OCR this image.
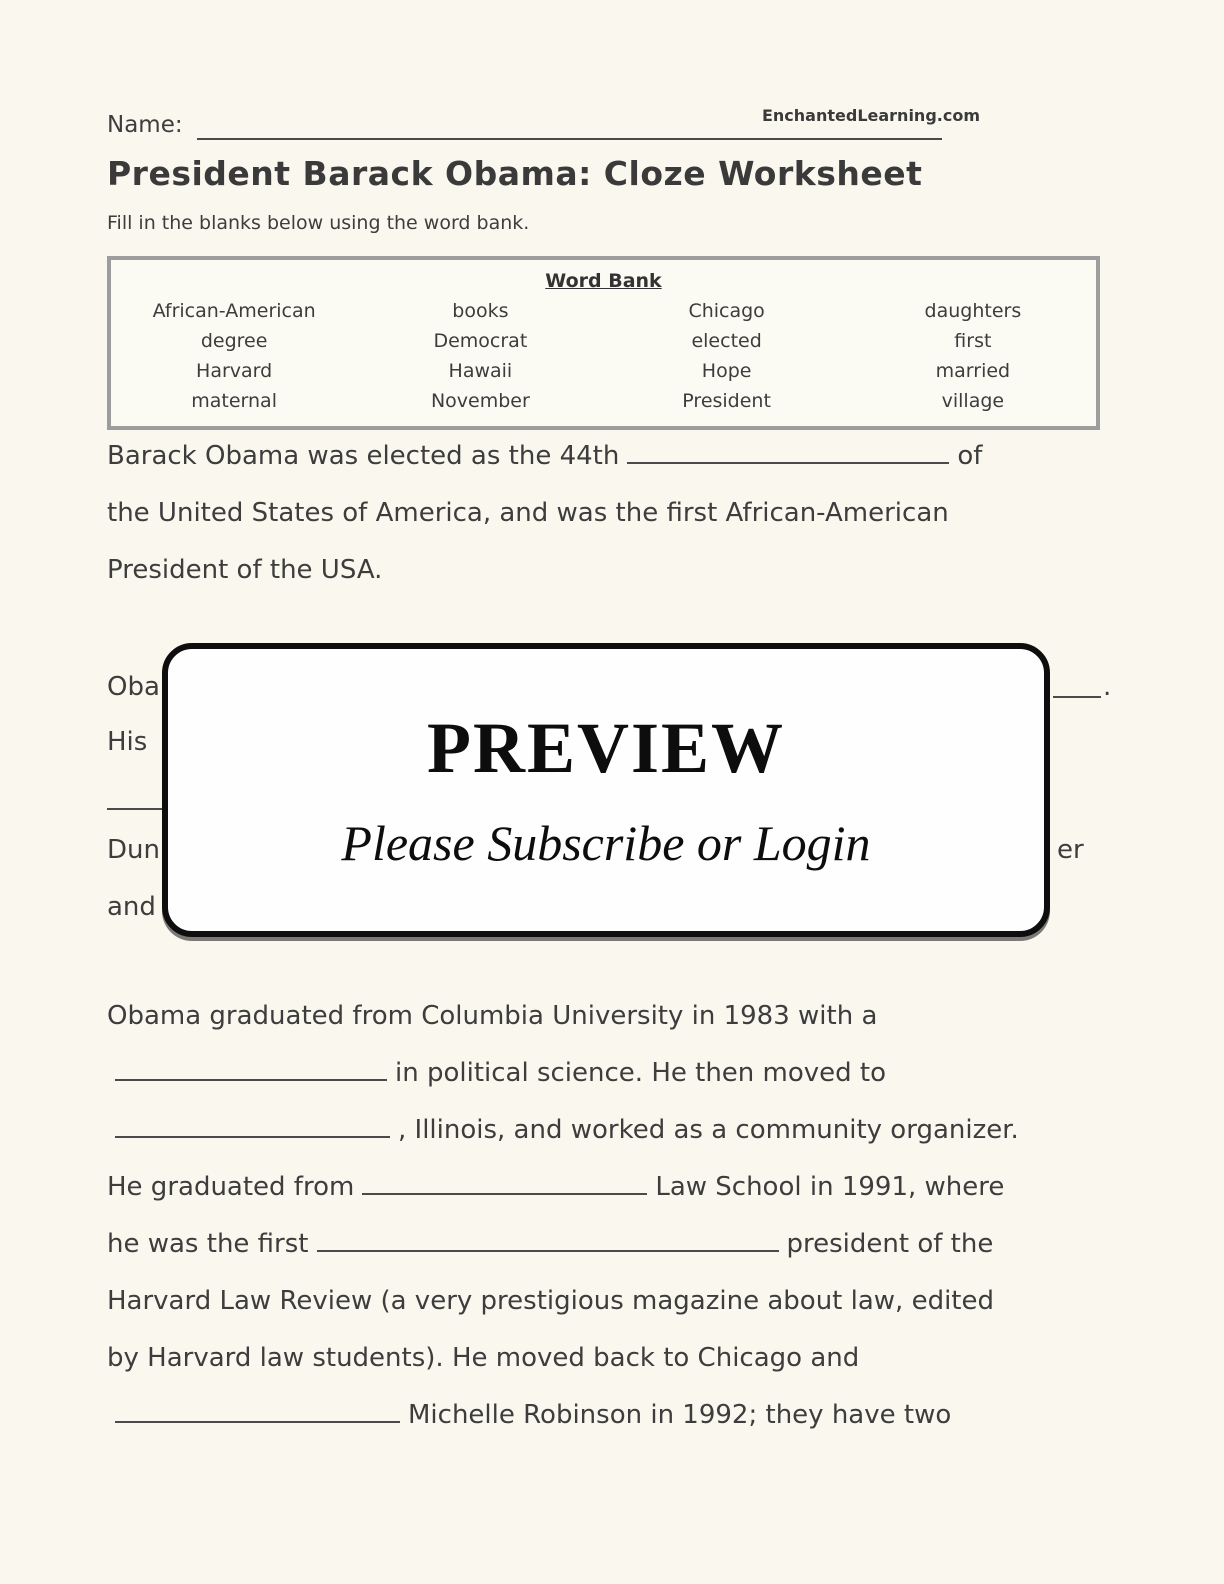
EnchantedLearning.com
Name:
President Barack Obama: Cloze Worksheet
Fill in the blanks below using the word bank.
Word Bank
African-American	books	Chicago	daughters
degree	Democrat	elected	first
Harvard	Hawaii	Hope	married
maternal	November	President	village
Barack Obama was elected as the 44th	of
the United States of America, and was the first African-American
President of the USA.
Oba	.
His
Dun	er
and
PREVIEW
Please Subscribe or Login
Obama graduated from Columbia University in 1983 with a
in political science. He then moved to
, Illinois, and worked as a community organizer.
He graduated from	Law School in 1991, where
he was the first	president of the
Harvard Law Review (a very prestigious magazine about law, edited
by Harvard law students). He moved back to Chicago and
Michelle Robinson in 1992; they have two
